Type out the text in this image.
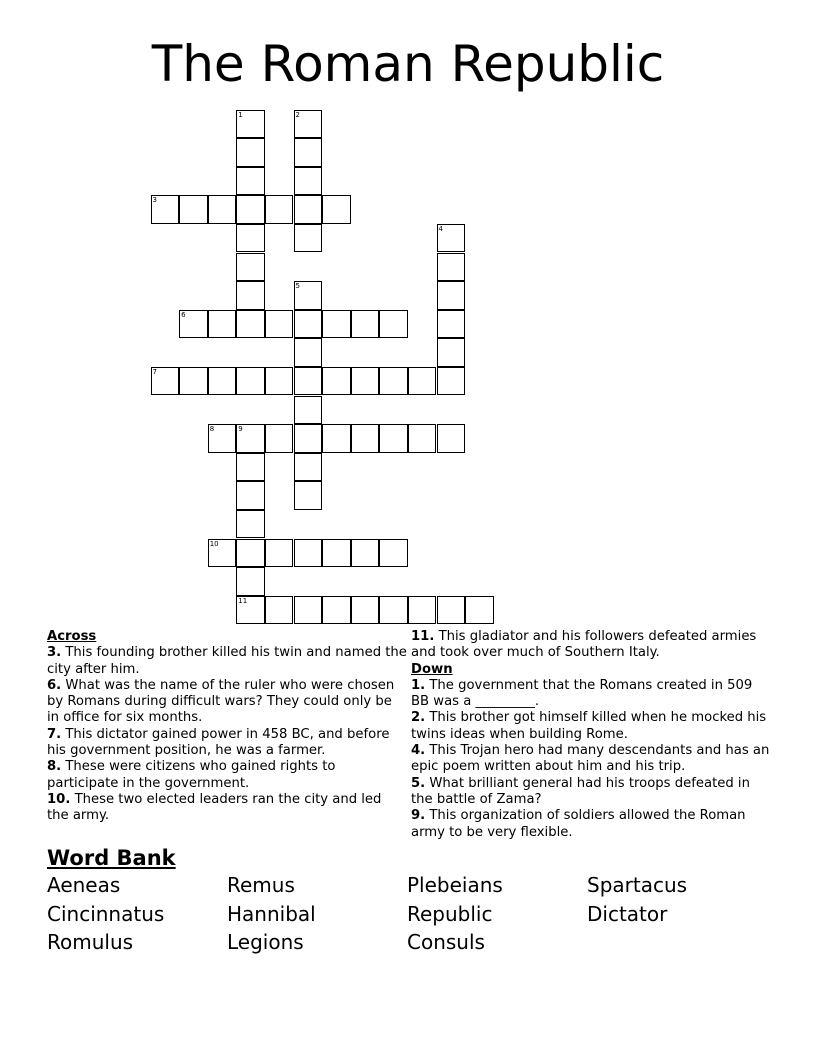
The Roman Republic
1	2
3
4
5
6
7
8	9
11
10
Across
3. This founding brother killed his twin and named the city after him.
6. What was the name of the ruler who were chosen by Romans during difficult wars? They could only be in office for six months.
7. This dictator gained power in 458 BC, and before his government position, he was a farmer.
8. These were citizens who gained rights to participate in the government.
10. These two elected leaders ran the city and led the army.
11. This gladiator and his followers defeated armies and took over much of Southern Italy.
Down
1. The government that the Romans created in 509 BB was a _________.
2. This brother got himself killed when he mocked his twins ideas when building Rome.
4. This Trojan hero had many descendants and has an epic poem written about him and his trip.
5. What brilliant general had his troops defeated in the battle of Zama?
9. This organization of soldiers allowed the Roman army to be very flexible.
Word Bank
Aeneas
Cincinnatus
Romulus
Remus
Hannibal
Legions
Plebeians
Republic
Consuls
Spartacus
Dictator
